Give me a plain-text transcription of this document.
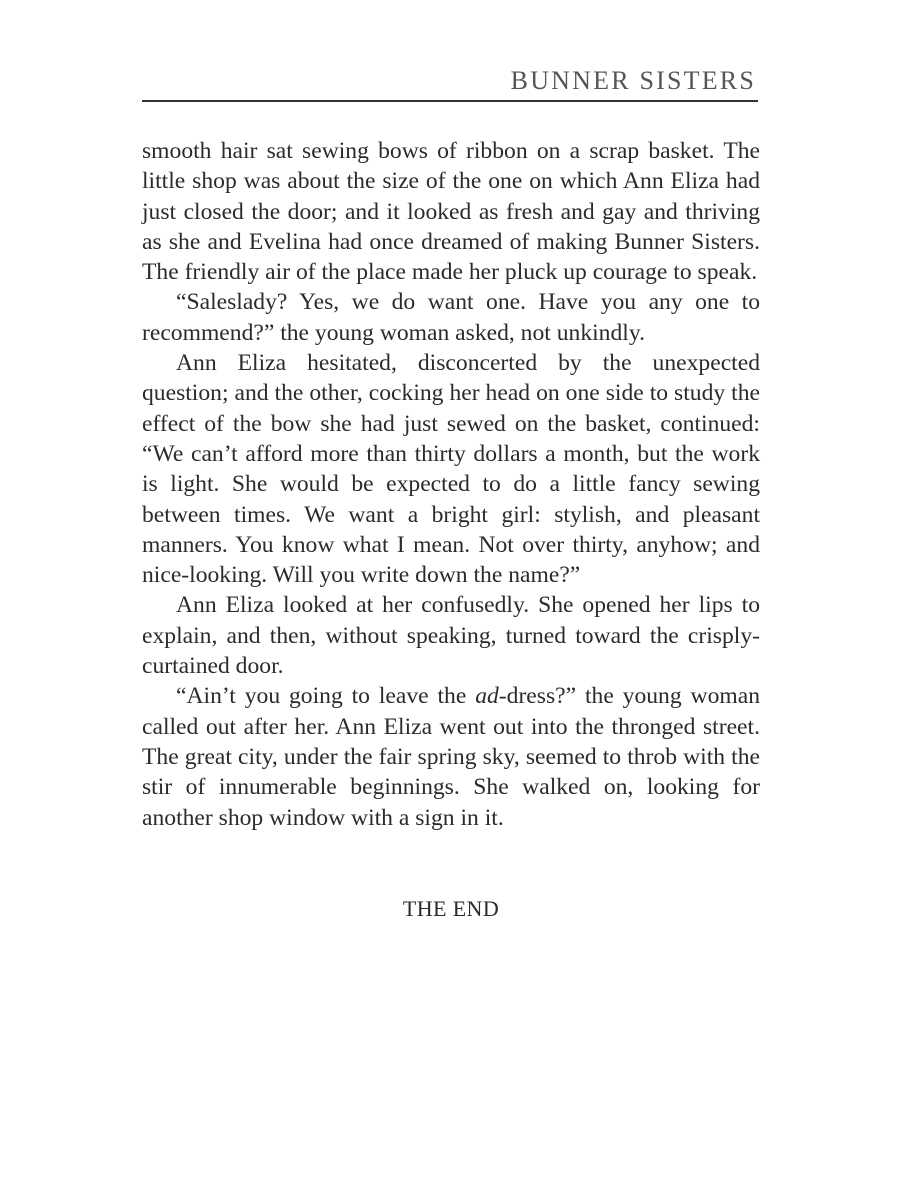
BUNNER SISTERS

smooth hair sat sewing bows of ribbon on a scrap basket. The little shop was about the size of the one on which Ann Eliza had just closed the door; and it looked as fresh and gay and thriving as she and Evelina had once dreamed of making Bunner Sisters. The friendly air of the place made her pluck up courage to speak.

“Saleslady? Yes, we do want one. Have you any one to recommend?” the young woman asked, not unkindly.

Ann Eliza hesitated, disconcerted by the unexpected question; and the other, cocking her head on one side to study the effect of the bow she had just sewed on the basket, continued: “We can’t afford more than thirty dollars a month, but the work is light. She would be expected to do a little fancy sewing between times. We want a bright girl: stylish, and pleasant manners. You know what I mean. Not over thirty, anyhow; and nice-looking. Will you write down the name?”

Ann Eliza looked at her confusedly. She opened her lips to explain, and then, without speaking, turned toward the crisply-curtained door.

“Ain’t you going to leave the ad-dress?” the young woman called out after her. Ann Eliza went out into the thronged street. The great city, under the fair spring sky, seemed to throb with the stir of innumerable beginnings. She walked on, looking for another shop window with a sign in it.

THE END
